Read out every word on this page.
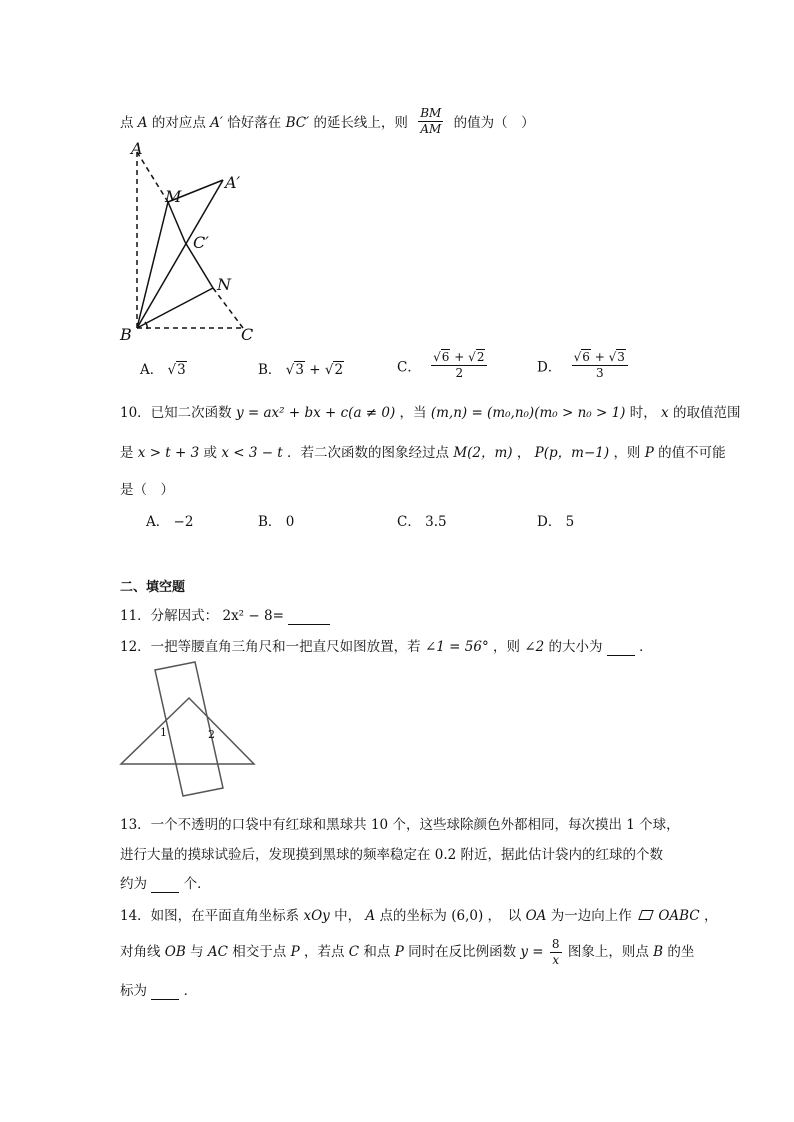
点 A 的对应点 A′ 恰好落在 BC′ 的延长线上，则 $\frac{BM}{AM}$ 的值为（　）
A
A′
M
C′
N
B	C
A． √3	B． √3 + √2	C． $\frac{√6 + √2}{2}$	D． $\frac{√6 + √3}{3}$
10．已知二次函数 y = ax² + bx + c(a ≠ 0) ，当 (m,n) = (m₀,n₀)(m₀ > n₀ > 1) 时， x 的取值范围
是 x > t + 3 或 x < 3 − t ．若二次函数的图象经过点 M(2，m) ， P(p，m−1) ，则 P 的值不可能
是（　）
A． −2	B． 0	C． 3.5	D． 5
二、填空题
11．分解因式： 2x² − 8=
12．一把等腰直角三角尺和一把直尺如图放置，若 ∠1 = 56° ，则 ∠2 的大小为	．
1	2
13．一个不透明的口袋中有红球和黑球共 10 个，这些球除颜色外都相同，每次摸出 1 个球，
进行大量的摸球试验后，发现摸到黑球的频率稳定在 0.2 附近，据此估计袋内的红球的个数
约为	个．
14．如图，在平面直角坐标系 xOy 中， A 点的坐标为 (6,0) ，　以 OA 为一边向上作 OABC ，
对角线 OB 与 AC 相交于点 P ，若点 C 和点 P 同时在反比例函数 $y = \frac{8}{x}$ 图象上，则点 B 的坐
标为	．
